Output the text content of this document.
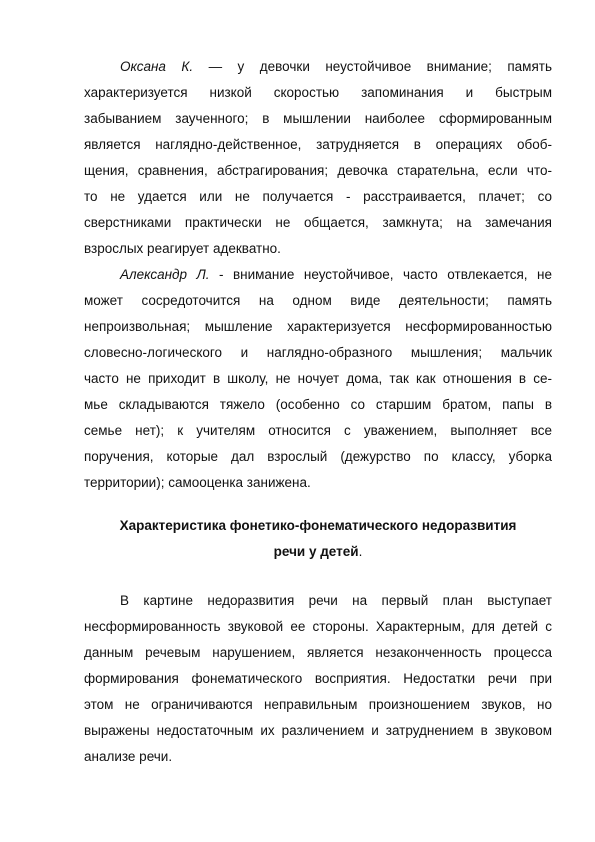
Оксана К. — у девочки неустойчивое внимание; память
характеризуется низкой скоростью запоминания и быстрым
забыванием заученного; в мышлении наиболее сформированным
является наглядно-действенное, затрудняется в операциях обоб-
щения, сравнения, абстрагирования; девочка старательна, если что-
то не удается или не получается - расстраивается, плачет; со
сверстниками практически не общается, замкнута; на замечания
взрослых реагирует адекватно.
Александр Л. - внимание неустойчивое, часто отвлекается, не
может сосредоточится на одном виде деятельности; память
непроизвольная; мышление характеризуется несформированностью
словесно-логического и наглядно-образного мышления; мальчик
часто не приходит в школу, не ночует дома, так как отношения в се-
мье складываются тяжело (особенно со старшим братом, папы в
семье нет); к учителям относится с уважением, выполняет все
поручения, которые дал взрослый (дежурство по классу, уборка
территории); самооценка занижена.
Характеристика фонетико-фонематического недоразвития
речи у детей.
В картине недоразвития речи на первый план выступает
несформированность звуковой ее стороны. Характерным, для детей с
данным речевым нарушением, является незаконченность процесса
формирования фонематического восприятия. Недостатки речи при
этом не ограничиваются неправильным произношением звуков, но
выражены недостаточным их различением и затруднением в звуковом
анализе речи.
